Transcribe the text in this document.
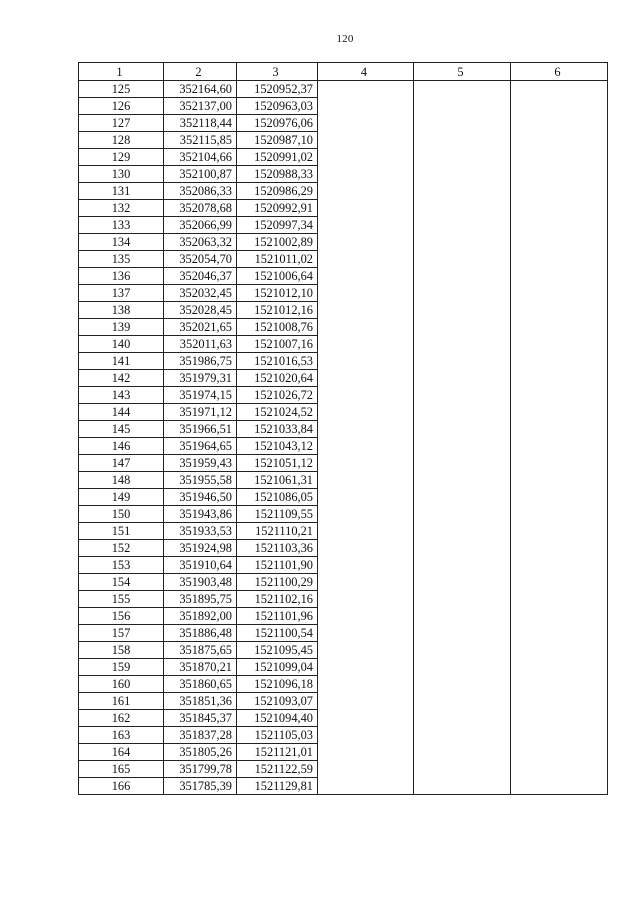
120
1	2	3	4	5	6
125	352164,60	1520952,37			
126	352137,00	1520963,03			
127	352118,44	1520976,06			
128	352115,85	1520987,10			
129	352104,66	1520991,02			
130	352100,87	1520988,33			
131	352086,33	1520986,29			
132	352078,68	1520992,91			
133	352066,99	1520997,34			
134	352063,32	1521002,89			
135	352054,70	1521011,02			
136	352046,37	1521006,64			
137	352032,45	1521012,10			
138	352028,45	1521012,16			
139	352021,65	1521008,76			
140	352011,63	1521007,16			
141	351986,75	1521016,53			
142	351979,31	1521020,64			
143	351974,15	1521026,72			
144	351971,12	1521024,52			
145	351966,51	1521033,84			
146	351964,65	1521043,12			
147	351959,43	1521051,12			
148	351955,58	1521061,31			
149	351946,50	1521086,05			
150	351943,86	1521109,55			
151	351933,53	1521110,21			
152	351924,98	1521103,36			
153	351910,64	1521101,90			
154	351903,48	1521100,29			
155	351895,75	1521102,16			
156	351892,00	1521101,96			
157	351886,48	1521100,54			
158	351875,65	1521095,45			
159	351870,21	1521099,04			
160	351860,65	1521096,18			
161	351851,36	1521093,07			
162	351845,37	1521094,40			
163	351837,28	1521105,03			
164	351805,26	1521121,01			
165	351799,78	1521122,59			
166	351785,39	1521129,81			
